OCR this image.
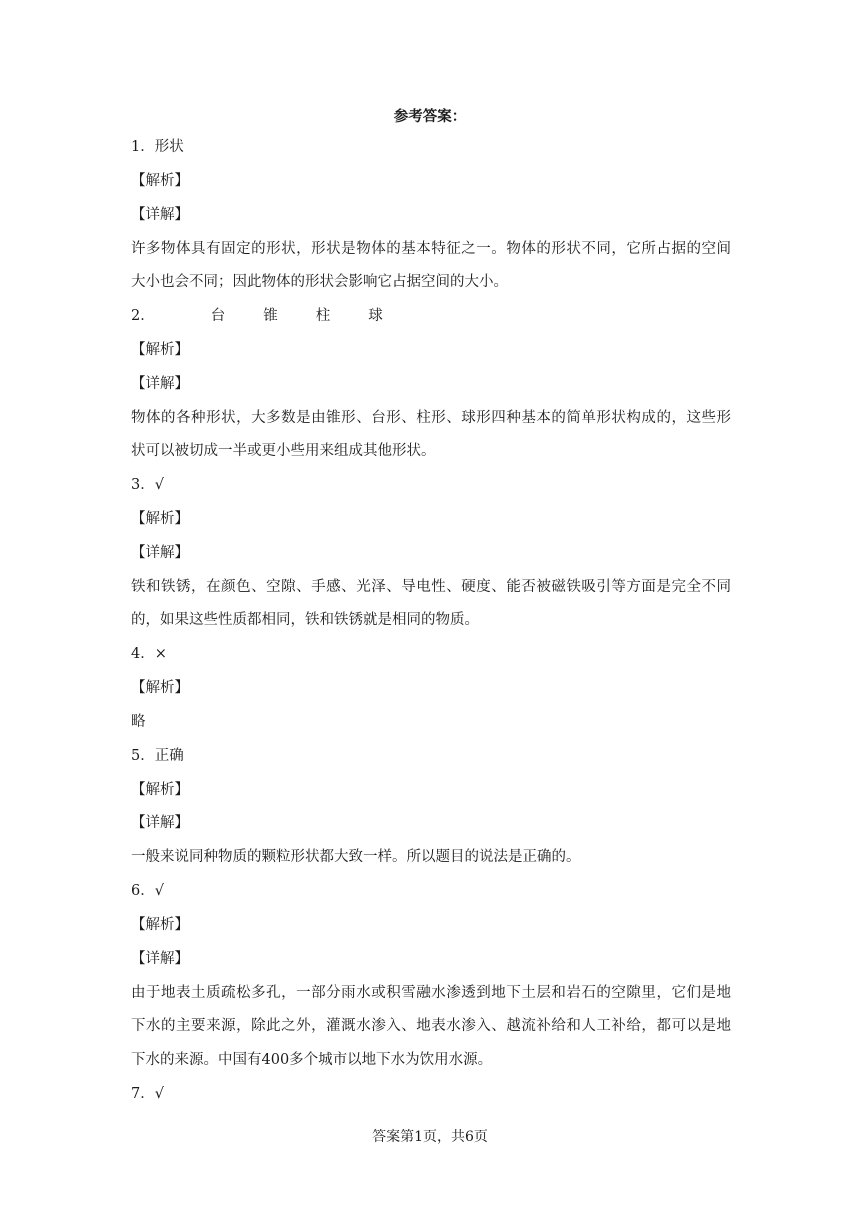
参考答案：
1．形状
【解析】
【详解】
许多物体具有固定的形状，形状是物体的基本特征之一。物体的形状不同，它所占据的空间
大小也会不同；因此物体的形状会影响它占据空间的大小。
2．	台	锥	柱	球
【解析】
【详解】
物体的各种形状，大多数是由锥形、台形、柱形、球形四种基本的简单形状构成的，这些形
状可以被切成一半或更小些用来组成其他形状。
3．√
【解析】
【详解】
铁和铁锈，在颜色、空隙、手感、光泽、导电性、硬度、能否被磁铁吸引等方面是完全不同
的，如果这些性质都相同，铁和铁锈就是相同的物质。
4．×
【解析】
略
5．正确
【解析】
【详解】
一般来说同种物质的颗粒形状都大致一样。所以题目的说法是正确的。
6．√
【解析】
【详解】
由于地表土质疏松多孔，一部分雨水或积雪融水渗透到地下土层和岩石的空隙里，它们是地
下水的主要来源，除此之外，灌溉水渗入、地表水渗入、越流补给和人工补给，都可以是地
下水的来源。中国有400多个城市以地下水为饮用水源。
7．√
答案第1页，共6页
